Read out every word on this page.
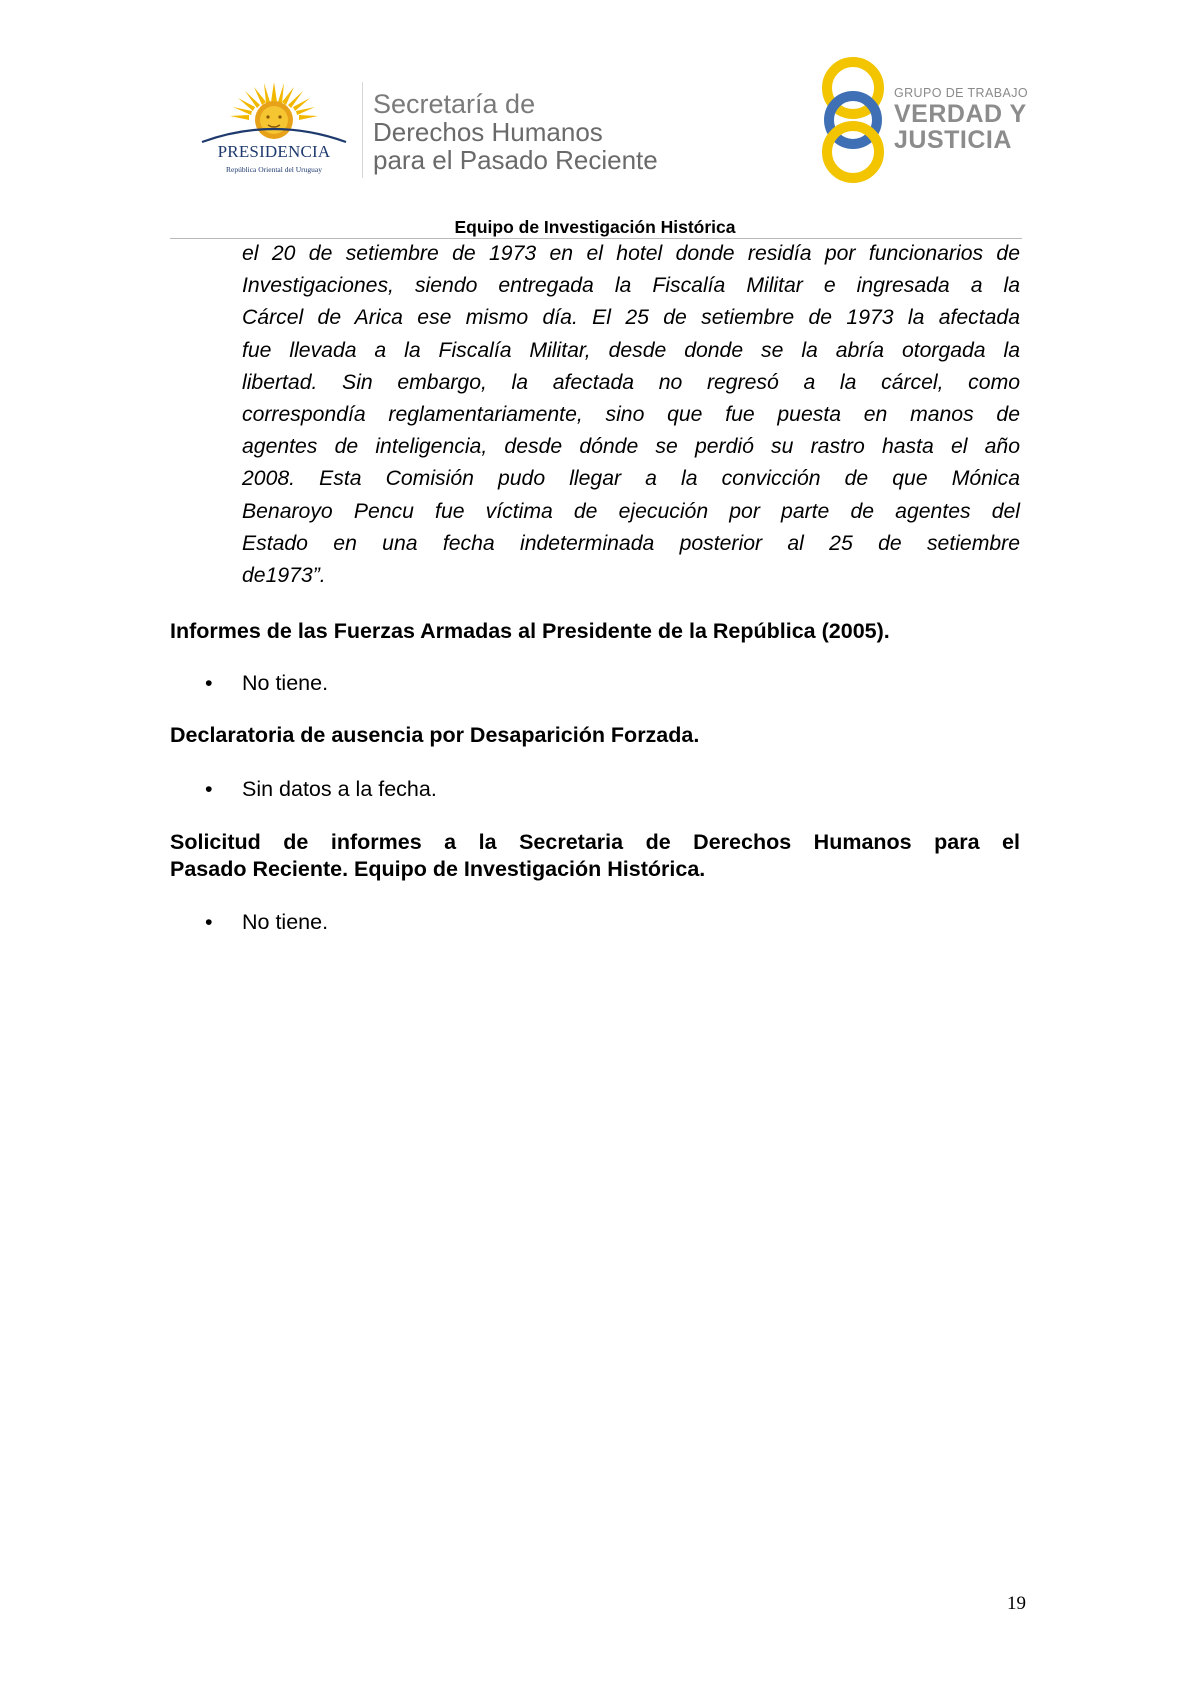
PRESIDENCIA
República Oriental del Uruguay
Secretaría de
Derechos Humanos
para el Pasado Reciente
GRUPO DE TRABAJO
VERDAD Y
JUSTICIA
Equipo de Investigación Histórica
el 20 de setiembre de 1973 en el hotel donde residía por funcionarios de
Investigaciones, siendo entregada la Fiscalía Militar e ingresada a la
Cárcel de Arica ese mismo día. El 25 de setiembre de 1973 la afectada
fue llevada a la Fiscalía Militar, desde donde se la abría otorgada la
libertad. Sin embargo, la afectada no regresó a la cárcel, como
correspondía reglamentariamente, sino que fue puesta en manos de
agentes de inteligencia, desde dónde se perdió su rastro hasta el año
2008. Esta Comisión pudo llegar a la convicción de que Mónica
Benaroyo Pencu fue víctima de ejecución por parte de agentes del
Estado en una fecha indeterminada posterior al 25 de setiembre
de1973”.
Informes de las Fuerzas Armadas al Presidente de la República (2005).
• No tiene.
Declaratoria de ausencia por Desaparición Forzada.
• Sin datos a la fecha.
Solicitud de informes a la Secretaria de Derechos Humanos para el
Pasado Reciente. Equipo de Investigación Histórica.
• No tiene.
19
